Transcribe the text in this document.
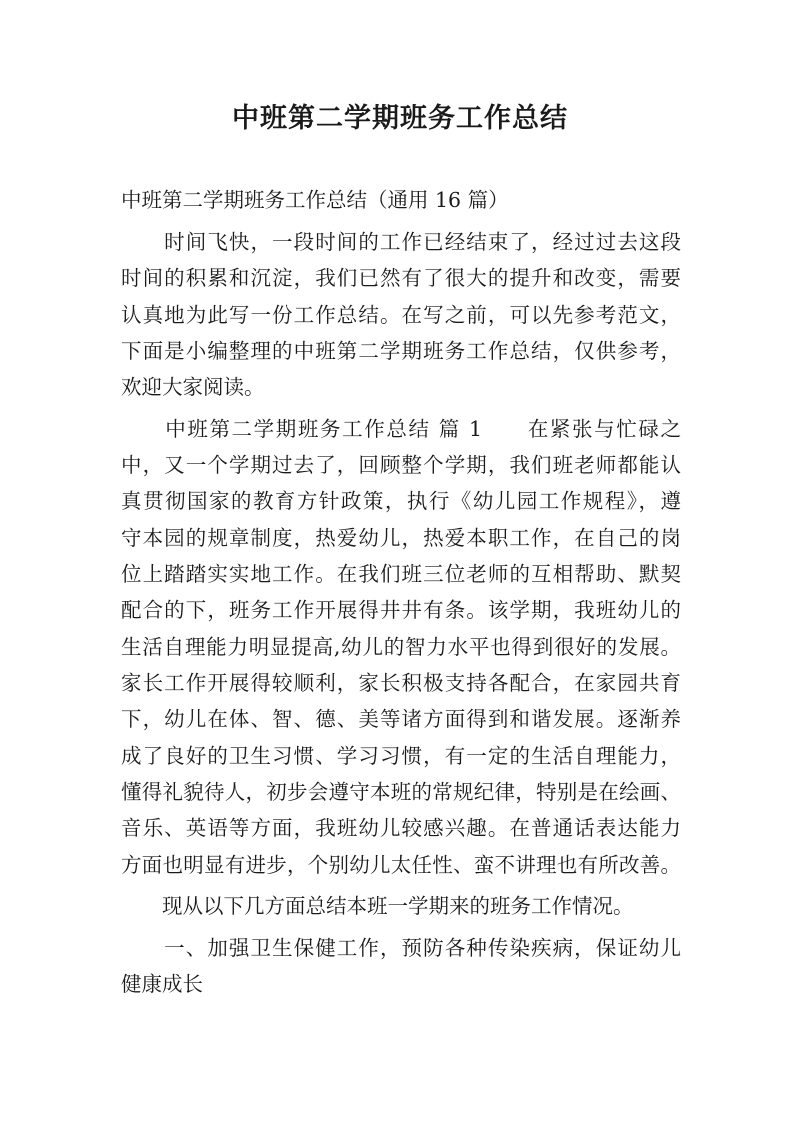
中班第二学期班务工作总结
中班第二学期班务工作总结（通用 16 篇）
　　时间飞快，一段时间的工作已经结束了，经过过去这段
时间的积累和沉淀，我们已然有了很大的提升和改变，需要
认真地为此写一份工作总结。在写之前，可以先参考范文，
下面是小编整理的中班第二学期班务工作总结，仅供参考，
欢迎大家阅读。
　　中班第二学期班务工作总结 篇 1　　在紧张与忙碌之
中，又一个学期过去了，回顾整个学期，我们班老师都能认
真贯彻国家的教育方针政策，执行《幼儿园工作规程》，遵
守本园的规章制度，热爱幼儿，热爱本职工作，在自己的岗
位上踏踏实实地工作。在我们班三位老师的互相帮助、默契
配合的下，班务工作开展得井井有条。该学期，我班幼儿的
生活自理能力明显提高,幼儿的智力水平也得到很好的发展。
家长工作开展得较顺利，家长积极支持各配合，在家园共育
下，幼儿在体、智、德、美等诸方面得到和谐发展。逐渐养
成了良好的卫生习惯、学习习惯，有一定的生活自理能力，
懂得礼貌待人，初步会遵守本班的常规纪律，特别是在绘画、
音乐、英语等方面，我班幼儿较感兴趣。在普通话表达能力
方面也明显有进步，个别幼儿太任性、蛮不讲理也有所改善。
　　现从以下几方面总结本班一学期来的班务工作情况。
　　一、加强卫生保健工作，预防各种传染疾病，保证幼儿
健康成长
